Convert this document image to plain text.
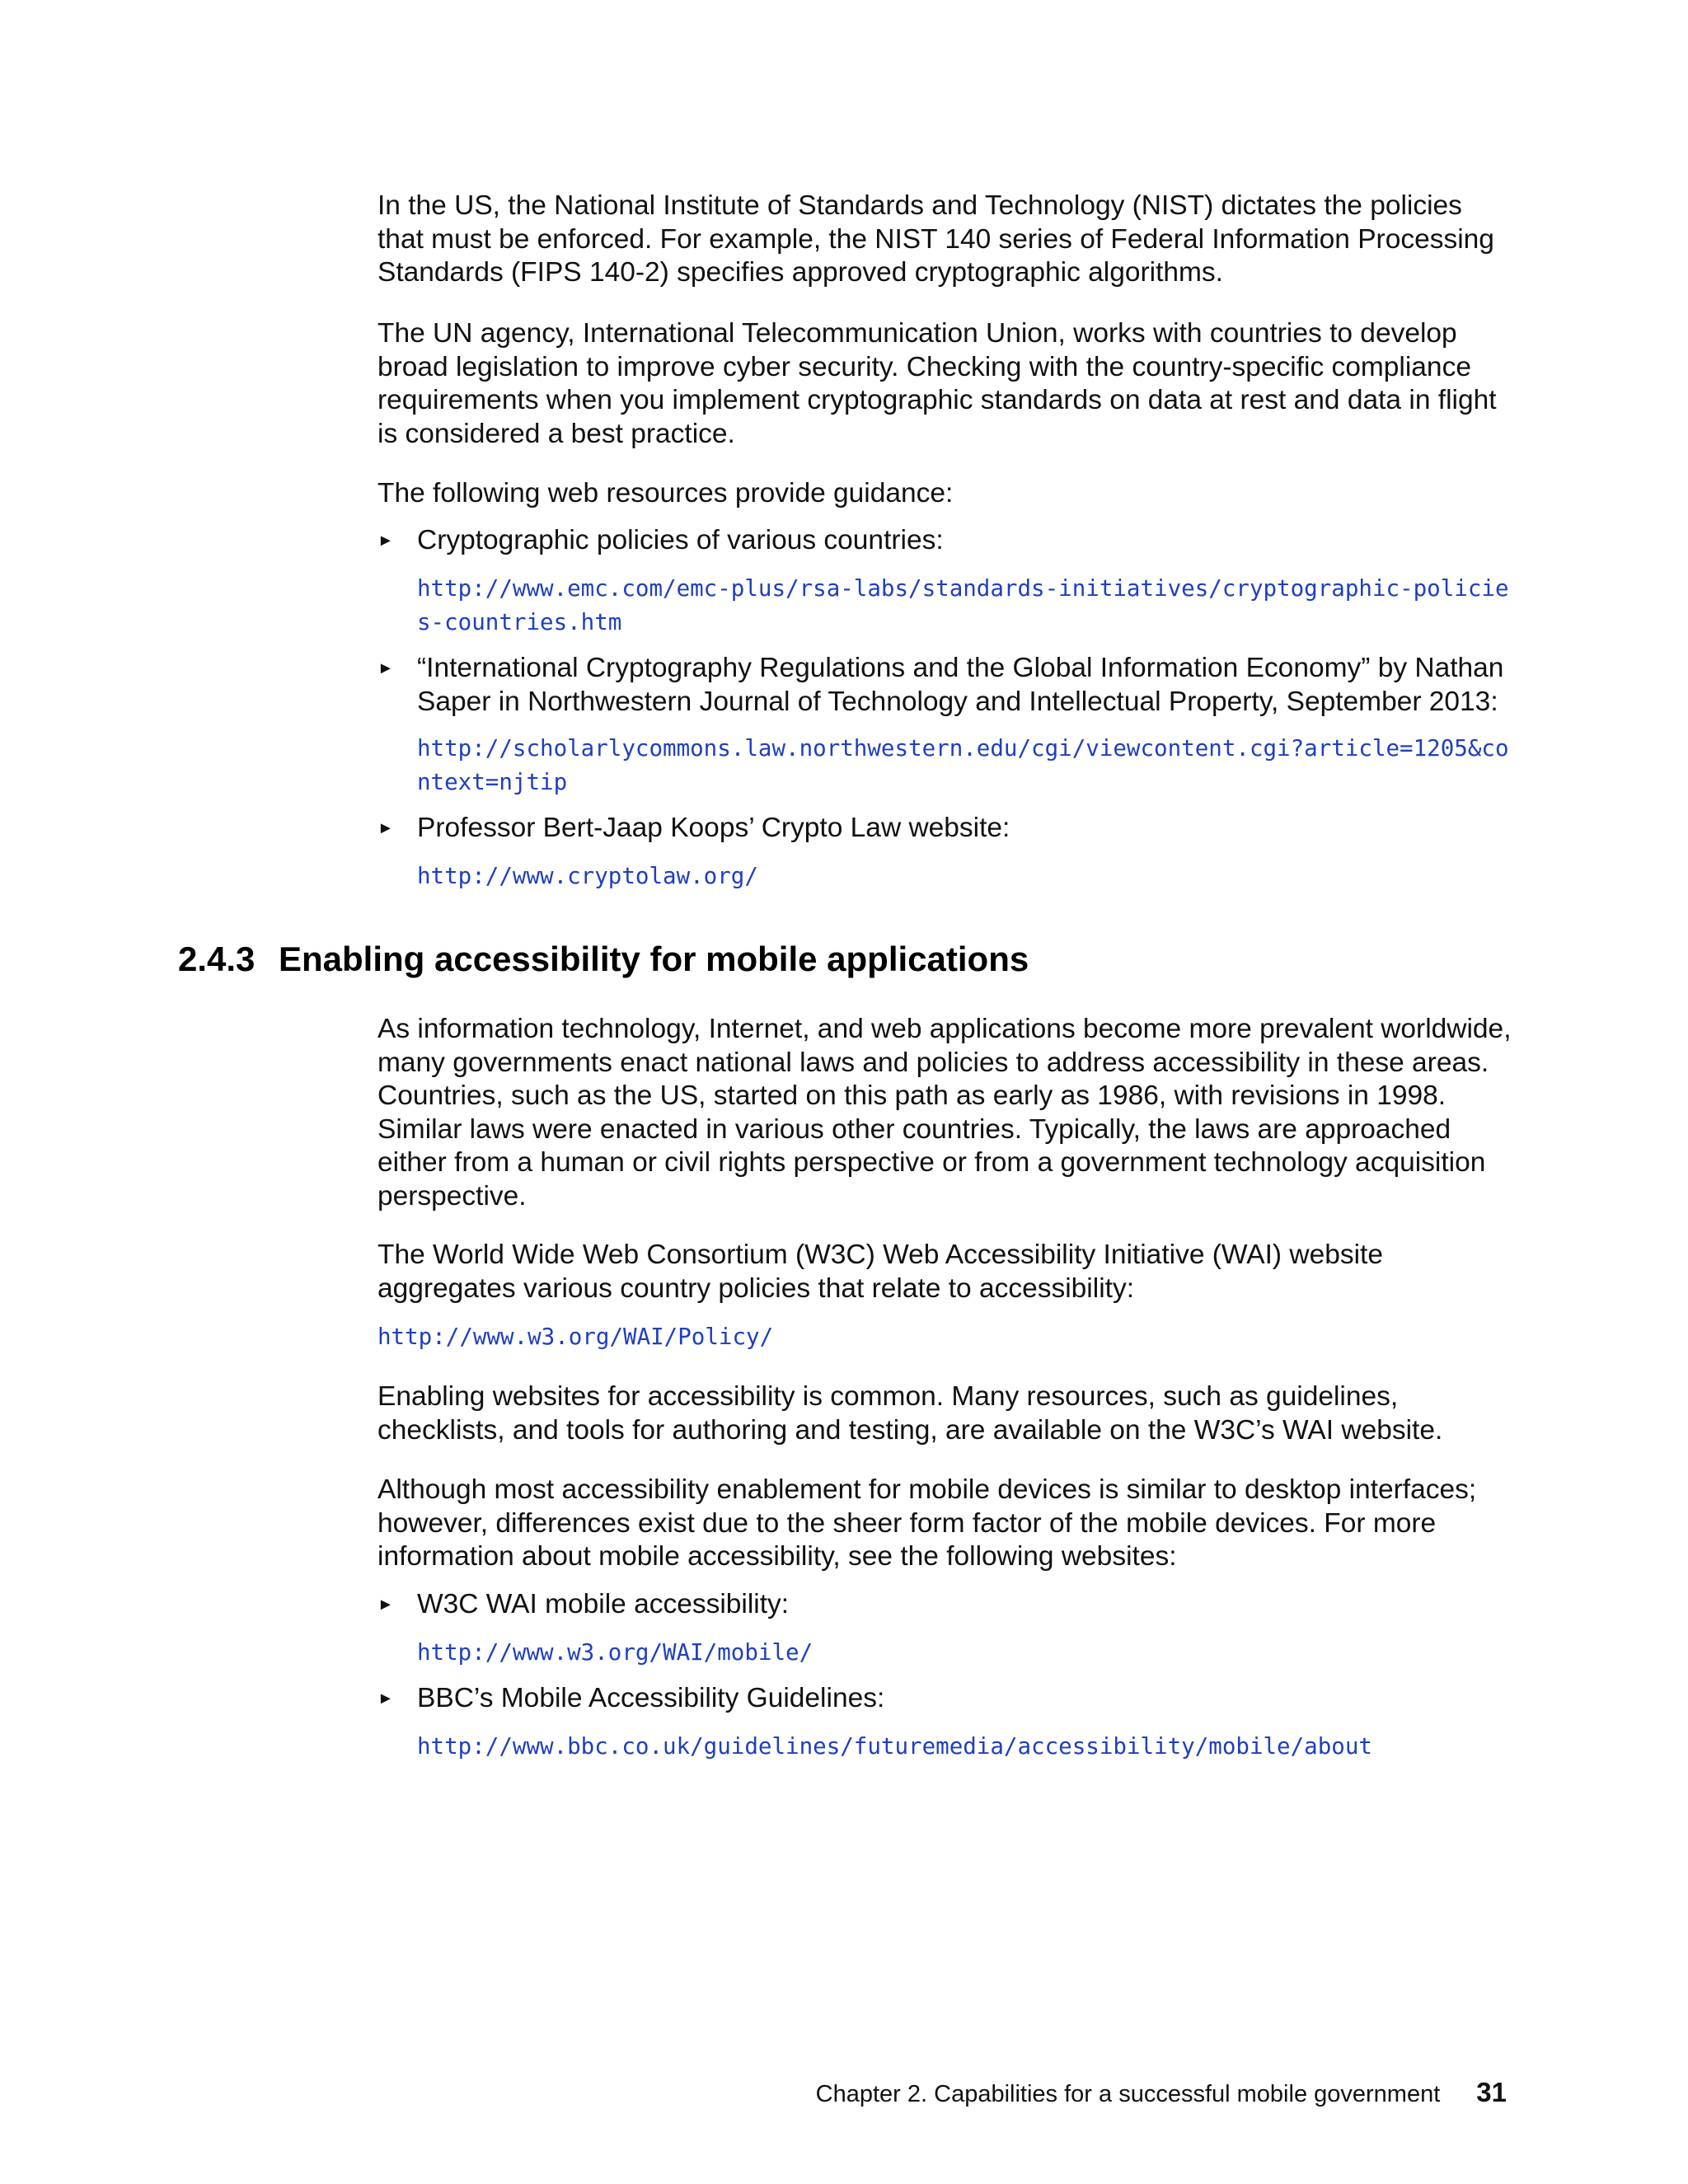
In the US, the National Institute of Standards and Technology (NIST) dictates the policies that must be enforced. For example, the NIST 140 series of Federal Information Processing Standards (FIPS 140-2) specifies approved cryptographic algorithms.

The UN agency, International Telecommunication Union, works with countries to develop broad legislation to improve cyber security. Checking with the country-specific compliance requirements when you implement cryptographic standards on data at rest and data in flight is considered a best practice.

The following web resources provide guidance:

► Cryptographic policies of various countries:

http://www.emc.com/emc-plus/rsa-labs/standards-initiatives/cryptographic-policies-countries.htm
► “International Cryptography Regulations and the Global Information Economy” by Nathan Saper in Northwestern Journal of Technology and Intellectual Property, September 2013:

http://scholarlycommons.law.northwestern.edu/cgi/viewcontent.cgi?article=1205&context=njtip
► Professor Bert-Jaap Koops’ Crypto Law website:

http://www.cryptolaw.org/
2.4.3 Enabling accessibility for mobile applications

As information technology, Internet, and web applications become more prevalent worldwide, many governments enact national laws and policies to address accessibility in these areas. Countries, such as the US, started on this path as early as 1986, with revisions in 1998. Similar laws were enacted in various other countries. Typically, the laws are approached either from a human or civil rights perspective or from a government technology acquisition perspective.

The World Wide Web Consortium (W3C) Web Accessibility Initiative (WAI) website aggregates various country policies that relate to accessibility:

http://www.w3.org/WAI/Policy/

Enabling websites for accessibility is common. Many resources, such as guidelines, checklists, and tools for authoring and testing, are available on the W3C’s WAI website.

Although most accessibility enablement for mobile devices is similar to desktop interfaces; however, differences exist due to the sheer form factor of the mobile devices. For more information about mobile accessibility, see the following websites:

► W3C WAI mobile accessibility:

http://www.w3.org/WAI/mobile/
► BBC’s Mobile Accessibility Guidelines:

http://www.bbc.co.uk/guidelines/futuremedia/accessibility/mobile/about
Chapter 2. Capabilities for a successful mobile government 31
